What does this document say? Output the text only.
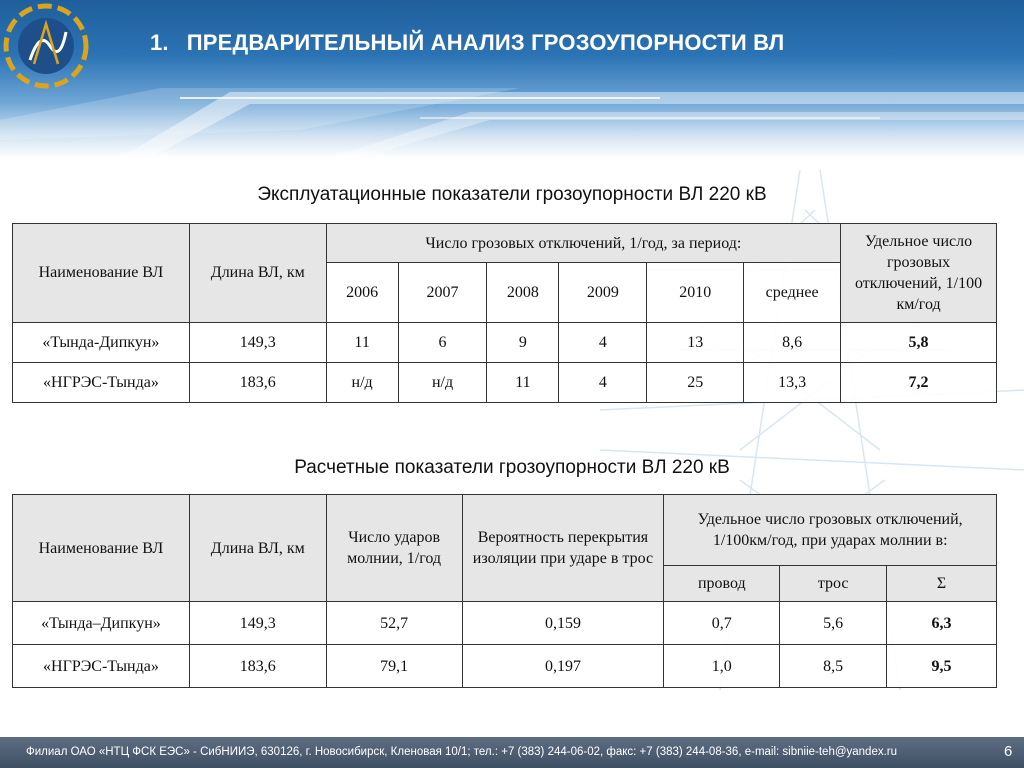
1. ПРЕДВАРИТЕЛЬНЫЙ АНАЛИЗ ГРОЗОУПОРНОСТИ ВЛ
Эксплуатационные показатели грозоупорности ВЛ 220 кВ
Наименование ВЛ	Длина ВЛ, км	Число грозовых отключений, 1/год, за период:						Удельное число грозовых отключений, 1/100 км/год
		2006	2007	2008	2009	2010	среднее	
«Тында-Дипкун»	149,3	11	6	9	4	13	8,6	5,8
«НГРЭС-Тында»	183,6	н/д	н/д	11	4	25	13,3	7,2
Расчетные показатели грозоупорности ВЛ 220 кВ
Наименование ВЛ	Длина ВЛ, км	Число ударов молнии, 1/год	Вероятность перекрытия изоляции при ударе в трос	Удельное число грозовых отключений, 1/100км/год, при ударах молнии в:		
				провод	трос	Σ
«Тында–Дипкун»	149,3	52,7	0,159	0,7	5,6	6,3
«НГРЭС-Тында»	183,6	79,1	0,197	1,0	8,5	9,5
Филиал ОАО «НТЦ ФСК ЕЭС» - СибНИИЭ, 630126, г. Новосибирск, Кленовая 10/1; тел.: +7 (383) 244-06-02, факс: +7 (383) 244-08-36, e-mail: sibniie-teh@yandex.ru	6
